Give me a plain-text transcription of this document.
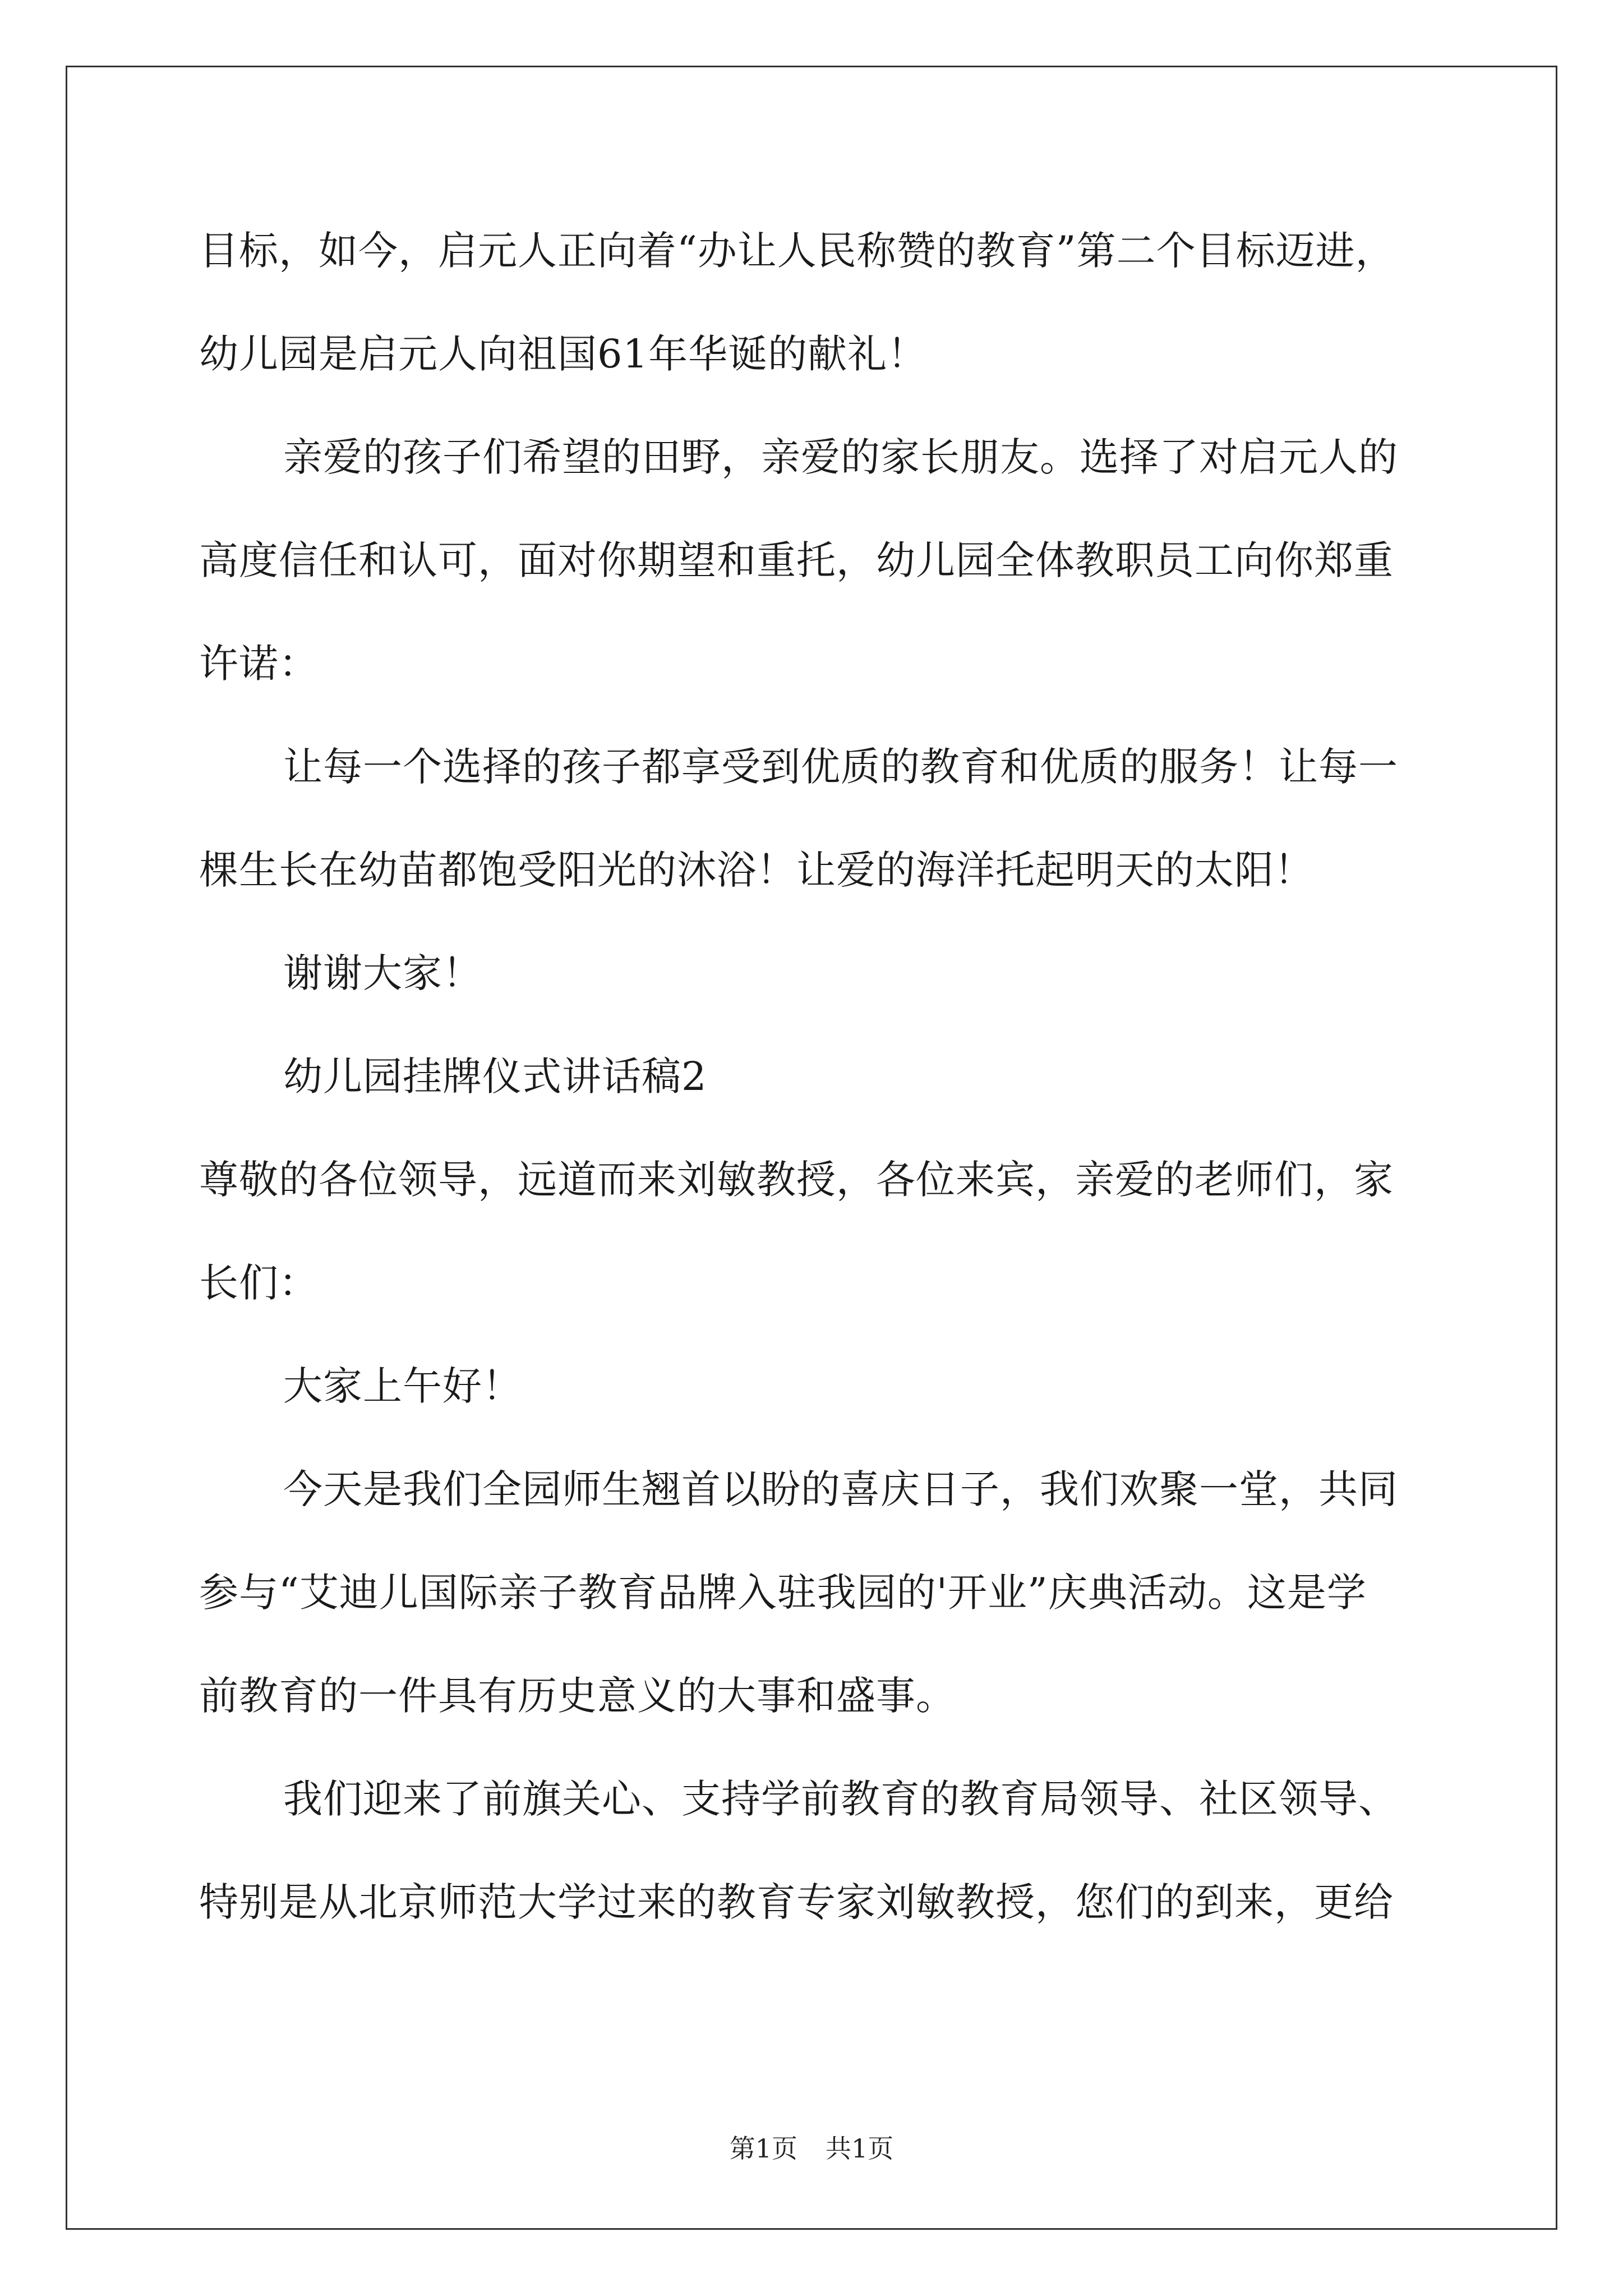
目标，如今，启元人正向着“办让人民称赞的教育”第二个目标迈进，
幼儿园是启元人向祖国61年华诞的献礼！
亲爱的孩子们希望的田野，亲爱的家长朋友。选择了对启元人的
高度信任和认可，面对你期望和重托，幼儿园全体教职员工向你郑重
许诺：
让每一个选择的孩子都享受到优质的教育和优质的服务！让每一
棵生长在幼苗都饱受阳光的沐浴！让爱的海洋托起明天的太阳！
谢谢大家！
幼儿园挂牌仪式讲话稿2
尊敬的各位领导，远道而来刘敏教授，各位来宾，亲爱的老师们，家
长们：
大家上午好！
今天是我们全园师生翘首以盼的喜庆日子，我们欢聚一堂，共同
参与“艾迪儿国际亲子教育品牌入驻我园的'开业”庆典活动。这是学
前教育的一件具有历史意义的大事和盛事。
我们迎来了前旗关心、支持学前教育的教育局领导、社区领导、
特别是从北京师范大学过来的教育专家刘敏教授，您们的到来，更给
第1页 共1页
